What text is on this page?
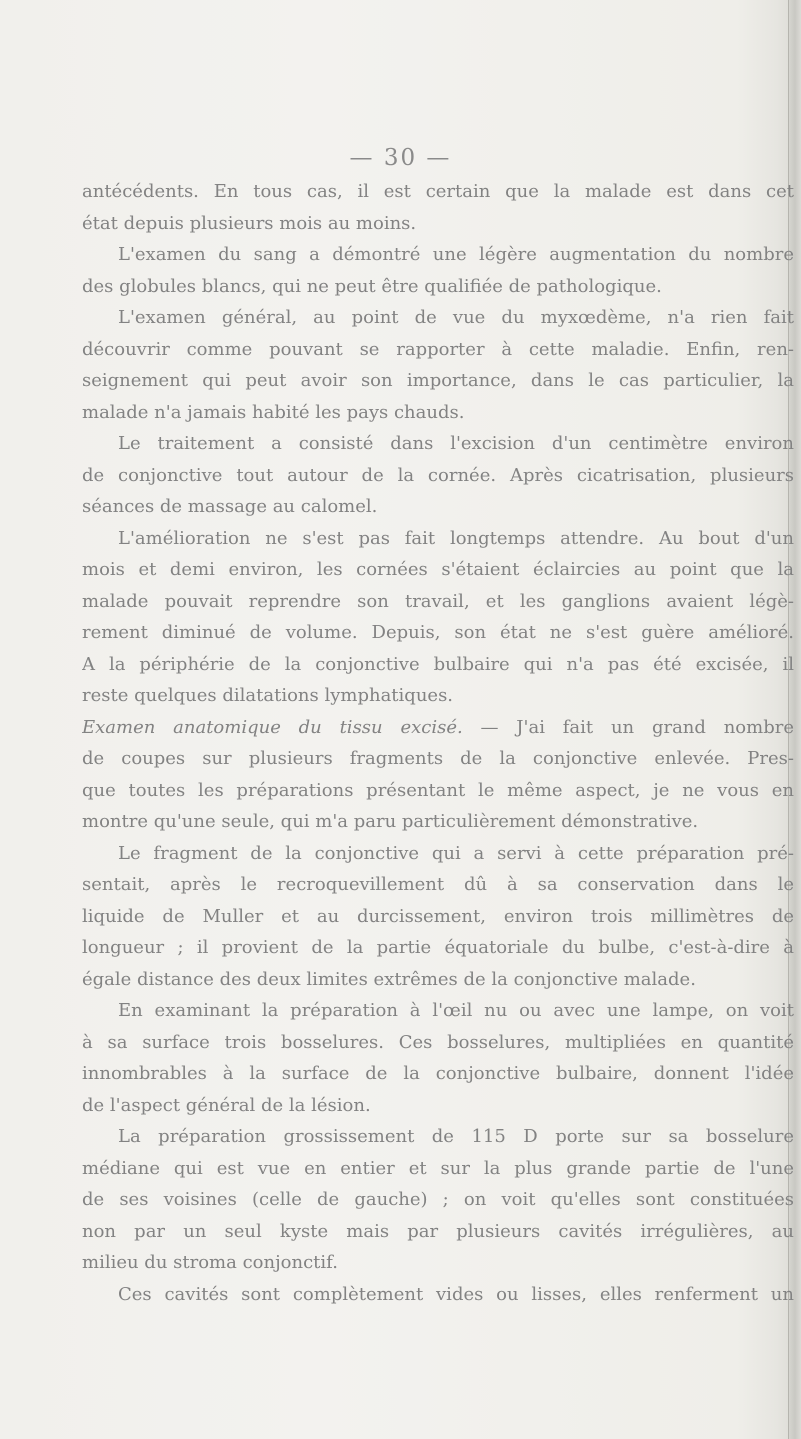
— 30 —
antécédents. En tous cas, il est certain que la malade est dans cet
état depuis plusieurs mois au moins.
L'examen du sang a démontré une légère augmentation du nombre
des globules blancs, qui ne peut être qualifiée de pathologique.
L'examen général, au point de vue du myxœdème, n'a rien fait
découvrir comme pouvant se rapporter à cette maladie. Enfin, ren-
seignement qui peut avoir son importance, dans le cas particulier, la
malade n'a jamais habité les pays chauds.
Le traitement a consisté dans l'excision d'un centimètre environ
de conjonctive tout autour de la cornée. Après cicatrisation, plusieurs
séances de massage au calomel.
L'amélioration ne s'est pas fait longtemps attendre. Au bout d'un
mois et demi environ, les cornées s'étaient éclaircies au point que la
malade pouvait reprendre son travail, et les ganglions avaient légè-
rement diminué de volume. Depuis, son état ne s'est guère amélioré.
A la périphérie de la conjonctive bulbaire qui n'a pas été excisée, il
reste quelques dilatations lymphatiques.
Examen anatomique du tissu excisé. — J'ai fait un grand nombre
de coupes sur plusieurs fragments de la conjonctive enlevée. Pres-
que toutes les préparations présentant le même aspect, je ne vous en
montre qu'une seule, qui m'a paru particulièrement démonstrative.
Le fragment de la conjonctive qui a servi à cette préparation pré-
sentait, après le recroquevillement dû à sa conservation dans le
liquide de Muller et au durcissement, environ trois millimètres de
longueur ; il provient de la partie équatoriale du bulbe, c'est-à-dire à
égale distance des deux limites extrêmes de la conjonctive malade.
En examinant la préparation à l'œil nu ou avec une lampe, on voit
à sa surface trois bosselures. Ces bosselures, multipliées en quantité
innombrables à la surface de la conjonctive bulbaire, donnent l'idée
de l'aspect général de la lésion.
La préparation grossissement de 115 D porte sur sa bosselure
médiane qui est vue en entier et sur la plus grande partie de l'une
de ses voisines (celle de gauche) ; on voit qu'elles sont constituées
non par un seul kyste mais par plusieurs cavités irrégulières, au
milieu du stroma conjonctif.
Ces cavités sont complètement vides ou lisses, elles renferment un
